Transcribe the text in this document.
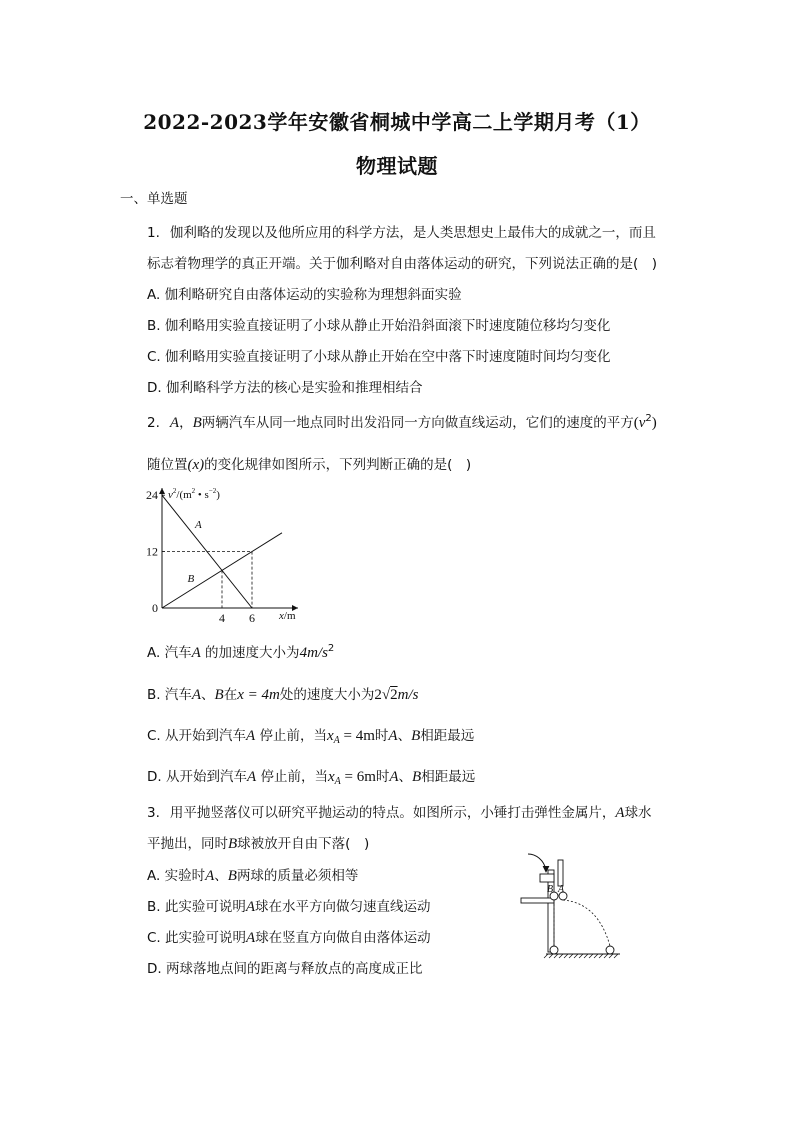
2022-2023学年安徽省桐城中学高二上学期月考（1）
物理试题
一、单选题
1. 伽利略的发现以及他所应用的科学方法，是人类思想史上最伟大的成就之一，而且
标志着物理学的真正开端。关于伽利略对自由落体运动的研究，下列说法正确的是(　)
A. 伽利略研究自由落体运动的实验称为理想斜面实验
B. 伽利略用实验直接证明了小球从静止开始沿斜面滚下时速度随位移均匀变化
C. 伽利略用实验直接证明了小球从静止开始在空中落下时速度随时间均匀变化
D. 伽利略科学方法的核心是实验和推理相结合
2. A，B两辆汽车从同一地点同时出发沿同一方向做直线运动，它们的速度的平方$(v^2)$
随位置(x)的变化规律如图所示，下列判断正确的是(　)
$v^2/(m^2$ • $s^{-2}$)
x/m
A
B
24
12
0
4 6
A. 汽车A 的加速度大小为$4m/s^2$
B. 汽车A、B在x = 4m处的速度大小为2√2m/s
C. 从开始到汽车A 停止前，当$x_A = 4m$时A、B相距最远
D. 从开始到汽车A 停止前，当$x_A = 6m$时A、B相距最远
3. 用平抛竖落仪可以研究平抛运动的特点。如图所示，小锤打击弹性金属片，A球水
平抛出，同时B球被放开自由下落(　)
A. 实验时A、B两球的质量必须相等
B. 此实验可说明A球在水平方向做匀速直线运动
C. 此实验可说明A球在竖直方向做自由落体运动
D. 两球落地点间的距离与释放点的高度成正比
B A
